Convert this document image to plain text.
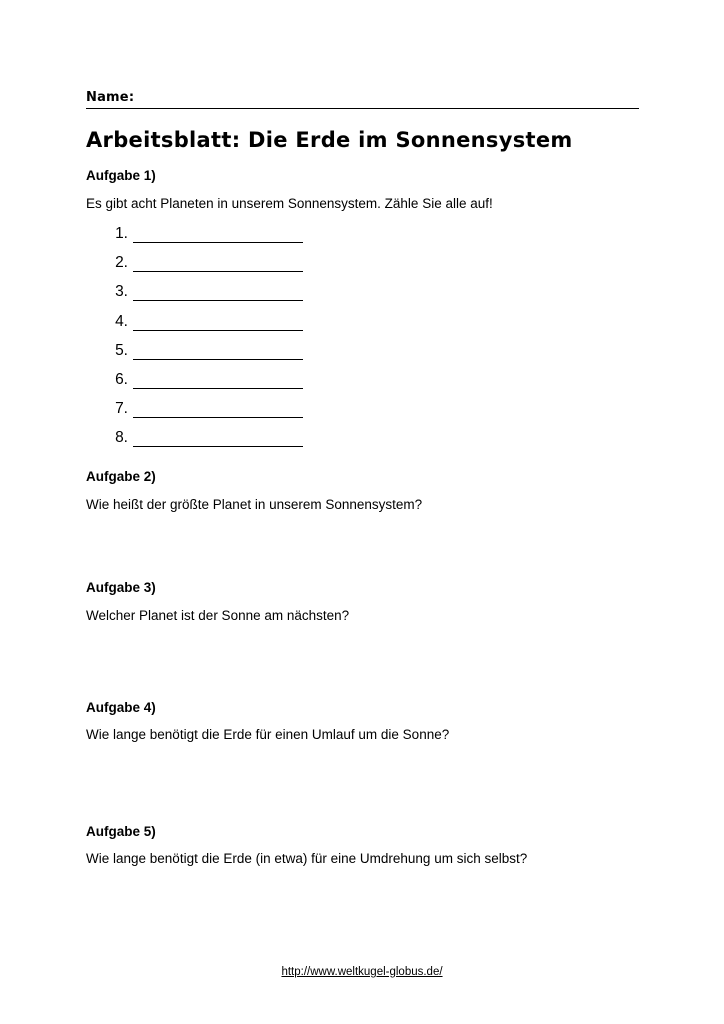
Name:
Arbeitsblatt: Die Erde im Sonnensystem
Aufgabe 1)
Es gibt acht Planeten in unserem Sonnensystem. Zähle Sie alle auf!
1.
2.
3.
4.
5.
6.
7.
8.
Aufgabe 2)
Wie heißt der größte Planet in unserem Sonnensystem?
Aufgabe 3)
Welcher Planet ist der Sonne am nächsten?
Aufgabe 4)
Wie lange benötigt die Erde für einen Umlauf um die Sonne?
Aufgabe 5)
Wie lange benötigt die Erde (in etwa) für eine Umdrehung um sich selbst?
http://www.weltkugel-globus.de/
